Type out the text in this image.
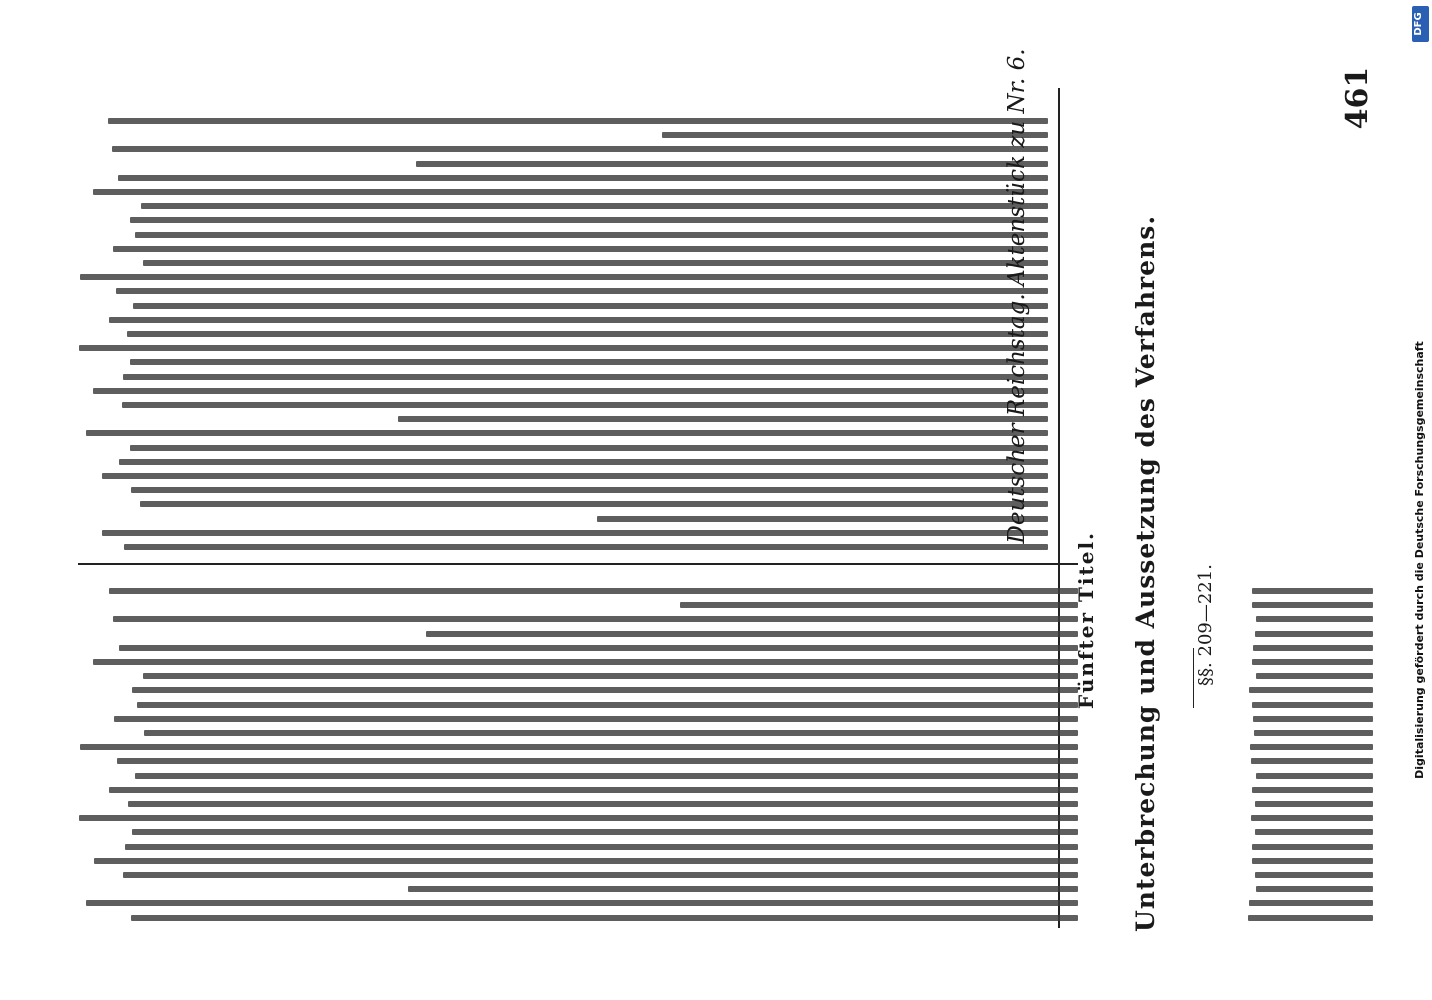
Deutscher Reichstag. Aktenstück zu Nr. 6.	461
Fünfter Titel. Unterbrechung und Aussetzung des Verfahrens. §§. 209—221.
DFG
Digitalisierung gefördert durch die Deutsche Forschungsgemeinschaft
